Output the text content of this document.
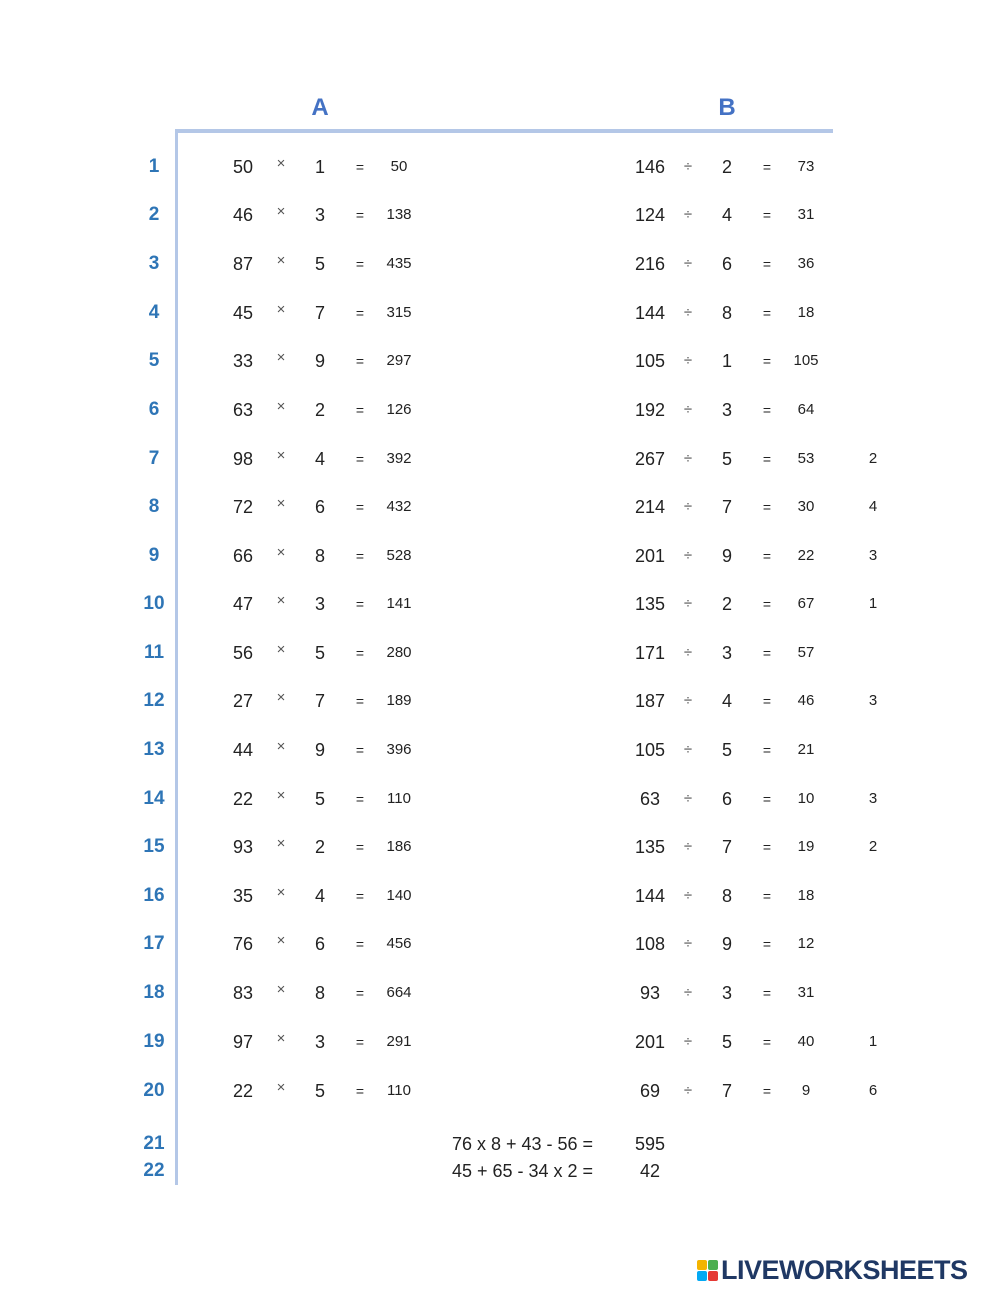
A	B
1	50	×	1	=	50	146	÷	2	=	73
2	46	×	3	=	138	124	÷	4	=	31
3	87	×	5	=	435	216	÷	6	=	36
4	45	×	7	=	315	144	÷	8	=	18
5	33	×	9	=	297	105	÷	1	=	105
6	63	×	2	=	126	192	÷	3	=	64
7	98	×	4	=	392	267	÷	5	=	53	2
8	72	×	6	=	432	214	÷	7	=	30	4
9	66	×	8	=	528	201	÷	9	=	22	3
10	47	×	3	=	141	135	÷	2	=	67	1
11	56	×	5	=	280	171	÷	3	=	57
12	27	×	7	=	189	187	÷	4	=	46	3
13	44	×	9	=	396	105	÷	5	=	21
14	22	×	5	=	110	63	÷	6	=	10	3
15	93	×	2	=	186	135	÷	7	=	19	2
16	35	×	4	=	140	144	÷	8	=	18
17	76	×	6	=	456	108	÷	9	=	12
18	83	×	8	=	664	93	÷	3	=	31
19	97	×	3	=	291	201	÷	5	=	40	1
20	22	×	5	=	110	69	÷	7	=	9	6
21	76 x 8 + 43 - 56 =	595
22	45 + 65 - 34 x 2 =	42
LIVEWORKSHEETS
